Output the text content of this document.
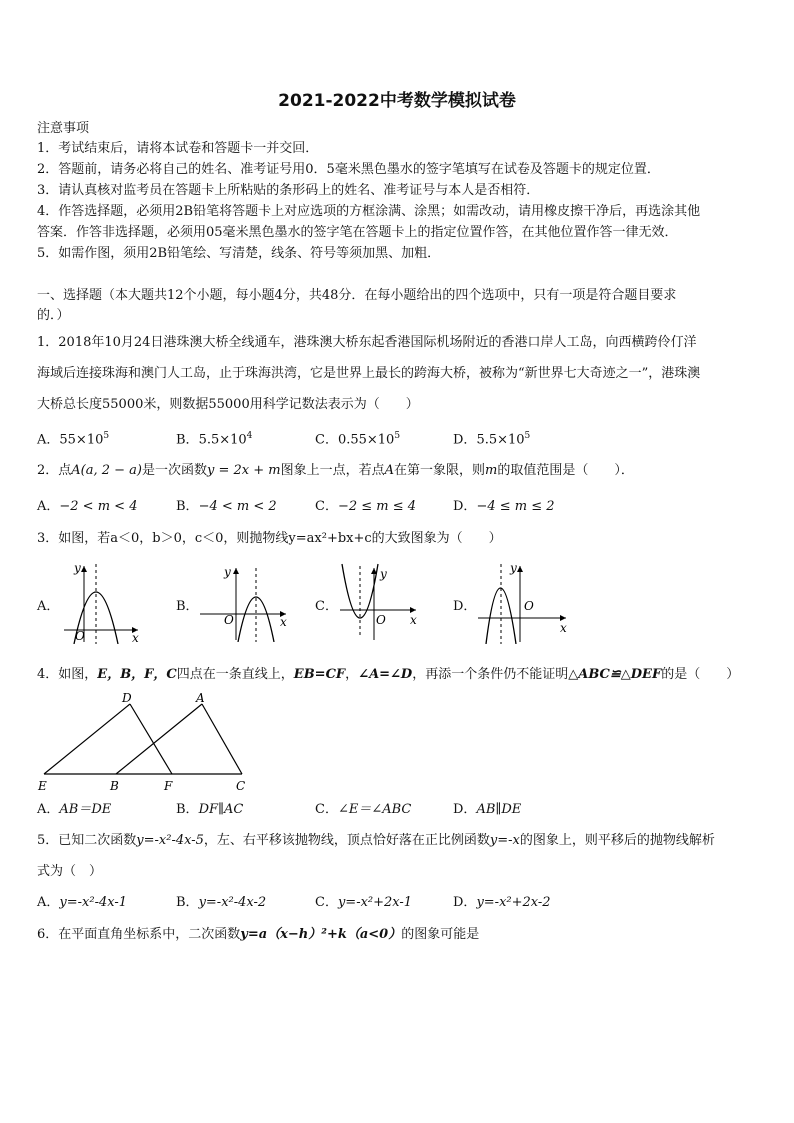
2021-2022中考数学模拟试卷
注意事项
1．考试结束后，请将本试卷和答题卡一并交回．
2．答题前，请务必将自己的姓名、准考证号用0．5毫米黑色墨水的签字笔填写在试卷及答题卡的规定位置．
3．请认真核对监考员在答题卡上所粘贴的条形码上的姓名、准考证号与本人是否相符．
4．作答选择题，必须用2B铅笔将答题卡上对应选项的方框涂满、涂黑；如需改动，请用橡皮擦干净后，再选涂其他
答案．作答非选择题，必须用05毫米黑色墨水的签字笔在答题卡上的指定位置作答，在其他位置作答一律无效．
5．如需作图，须用2B铅笔绘、写清楚，线条、符号等须加黑、加粗．
一、选择题（本大题共12个小题，每小题4分，共48分．在每小题给出的四个选项中，只有一项是符合题目要求
的．）
1．2018年10月24日港珠澳大桥全线通车，港珠澳大桥东起香港国际机场附近的香港口岸人工岛，向西横跨伶仃洋
海域后连接珠海和澳门人工岛，止于珠海洪湾，它是世界上最长的跨海大桥，被称为“新世界七大奇迹之一”，港珠澳
大桥总长度55000米，则数据55000用科学记数法表示为（　　）
A．$55\times 10^5$	B．$5.5\times 10^4$	C．$0.55\times 10^5$	D．$5.5\times 10^5$
2．点A(a, 2 − a)是一次函数y = 2x + m图象上一点，若点A在第一象限，则m的取值范围是（　　）．
A．−2 < m < 4	B．−4 < m < 2	C．−2 ≤ m ≤ 4	D．−4 ≤ m ≤ 2
3．如图，若a＜0，b＞0，c＜0，则抛物线y=ax²+bx+c的大致图象为（　　）
A．	B．	C．	D．
y
x
O
y
x
O
y
x
O
y
x
O
4．如图，E，B，F，C四点在一条直线上，EB=CF，∠A=∠D，再添一个条件仍不能证明△ABC≌△DEF的是（　　）
D	A
E	B	F	C
A．AB＝DE	B．DF∥AC	C．∠E＝∠ABC	D．AB∥DE
5．已知二次函数y=-x²-4x-5，左、右平移该抛物线，顶点恰好落在正比例函数y=-x的图象上，则平移后的抛物线解析
式为（　）
A．y=-x²-4x-1	B．y=-x²-4x-2	C．y=-x²+2x-1	D．y=-x²+2x-2
6．在平面直角坐标系中，二次函数y=a（x−h）²+k（a<0）的图象可能是
